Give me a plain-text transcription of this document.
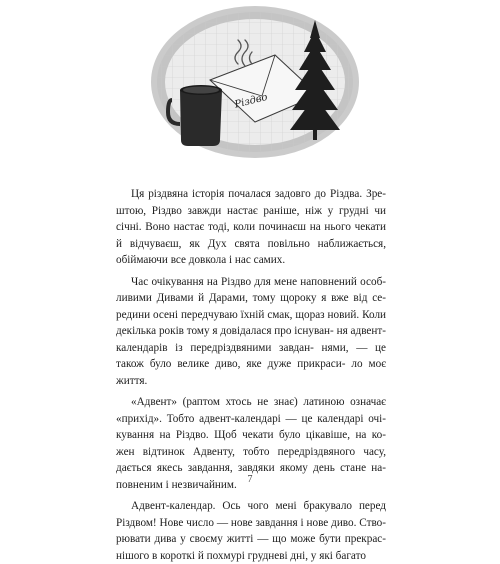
Різдво

Ця різдвяна історія почалася задовго до Різдва. Зре- штою, Різдво завжди настає раніше, ніж у грудні чи січні. Воно настає тоді, коли починаєш на нього чекати й відчуваєш, як Дух свята повільно наближається, обіймаючи все довкола і нас самих.

Час очікування на Різдво для мене наповнений особ- ливими Дивами й Дарами, тому щороку я вже від се- редини осені передчуваю їхній смак, щораз новий. Коли декілька років тому я довідалася про існуван- ня адвент-календарів із передріздвяними завдан- нями, — це також було велике диво, яке дуже прикраси- ло моє життя.

«Адвент» (раптом хтось не знає) латиною означає «прихід». Тобто адвент-календарі — це календарі очі- кування на Різдво. Щоб чекати було цікавіше, на ко- жен відтинок Адвенту, тобто передріздвяного часу, дається якесь завдання, завдяки якому день стане на- повненим і незвичайним.

Адвент-календар. Ось чого мені бракувало перед Різдвом! Нове число — нове завдання і нове диво. Ство- рювати дива у своєму житті — що може бути прекрас- нішого в короткі й похмурі грудневі дні, у які багато

7
